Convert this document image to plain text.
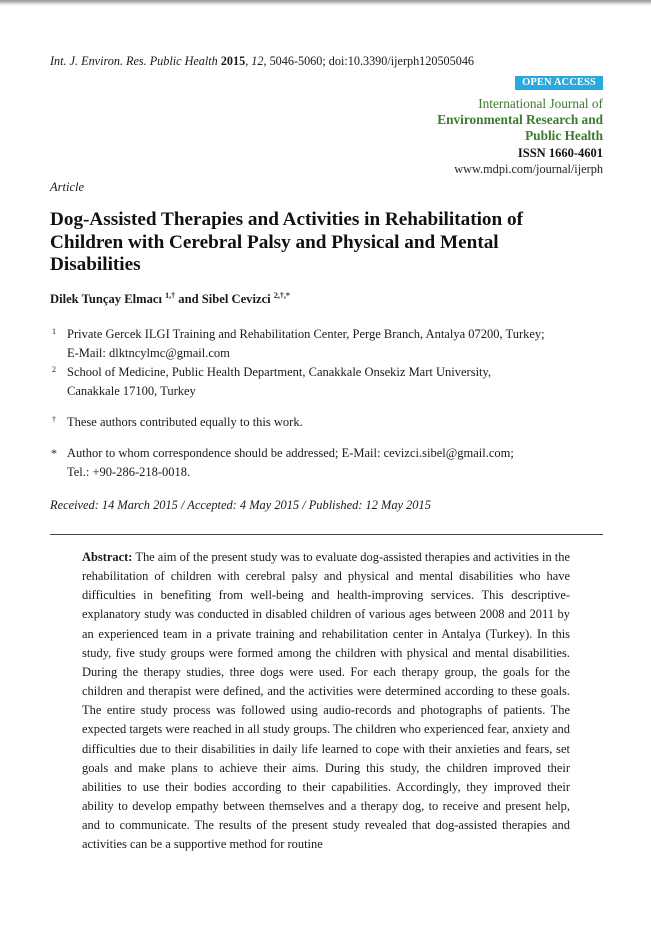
Int. J. Environ. Res. Public Health 2015, 12, 5046-5060; doi:10.3390/ijerph120505046
OPEN ACCESS
International Journal of
Environmental Research and
Public Health
ISSN 1660-4601
www.mdpi.com/journal/ijerph
Article
Dog-Assisted Therapies and Activities in Rehabilitation of Children with Cerebral Palsy and Physical and Mental Disabilities
Dilek Tunçay Elmacı $^{1,\dagger}$ and Sibel Cevizci $^{2,\dagger,*}$
1 Private Gercek ILGI Training and Rehabilitation Center, Perge Branch, Antalya 07200, Turkey;
E-Mail: dlktncylmc@gmail.com
2 School of Medicine, Public Health Department, Canakkale Onsekiz Mart University,
Canakkale 17100, Turkey
† These authors contributed equally to this work.
* Author to whom correspondence should be addressed; E-Mail: cevizci.sibel@gmail.com;
Tel.: +90-286-218-0018.
Received: 14 March 2015 / Accepted: 4 May 2015 / Published: 12 May 2015
Abstract: The aim of the present study was to evaluate dog-assisted therapies and activities in the rehabilitation of children with cerebral palsy and physical and mental disabilities who have difficulties in benefiting from well-being and health-improving services. This descriptive-explanatory study was conducted in disabled children of various ages between 2008 and 2011 by an experienced team in a private training and rehabilitation center in Antalya (Turkey). In this study, five study groups were formed among the children with physical and mental disabilities. During the therapy studies, three dogs were used. For each therapy group, the goals for the children and therapist were defined, and the activities were determined according to these goals. The entire study process was followed using audio-records and photographs of patients. The expected targets were reached in all study groups. The children who experienced fear, anxiety and difficulties due to their disabilities in daily life learned to cope with their anxieties and fears, set goals and make plans to achieve their aims. During this study, the children improved their abilities to use their bodies according to their capabilities. Accordingly, they improved their ability to develop empathy between themselves and a therapy dog, to receive and present help, and to communicate. The results of the present study revealed that dog-assisted therapies and activities can be a supportive method for routine
